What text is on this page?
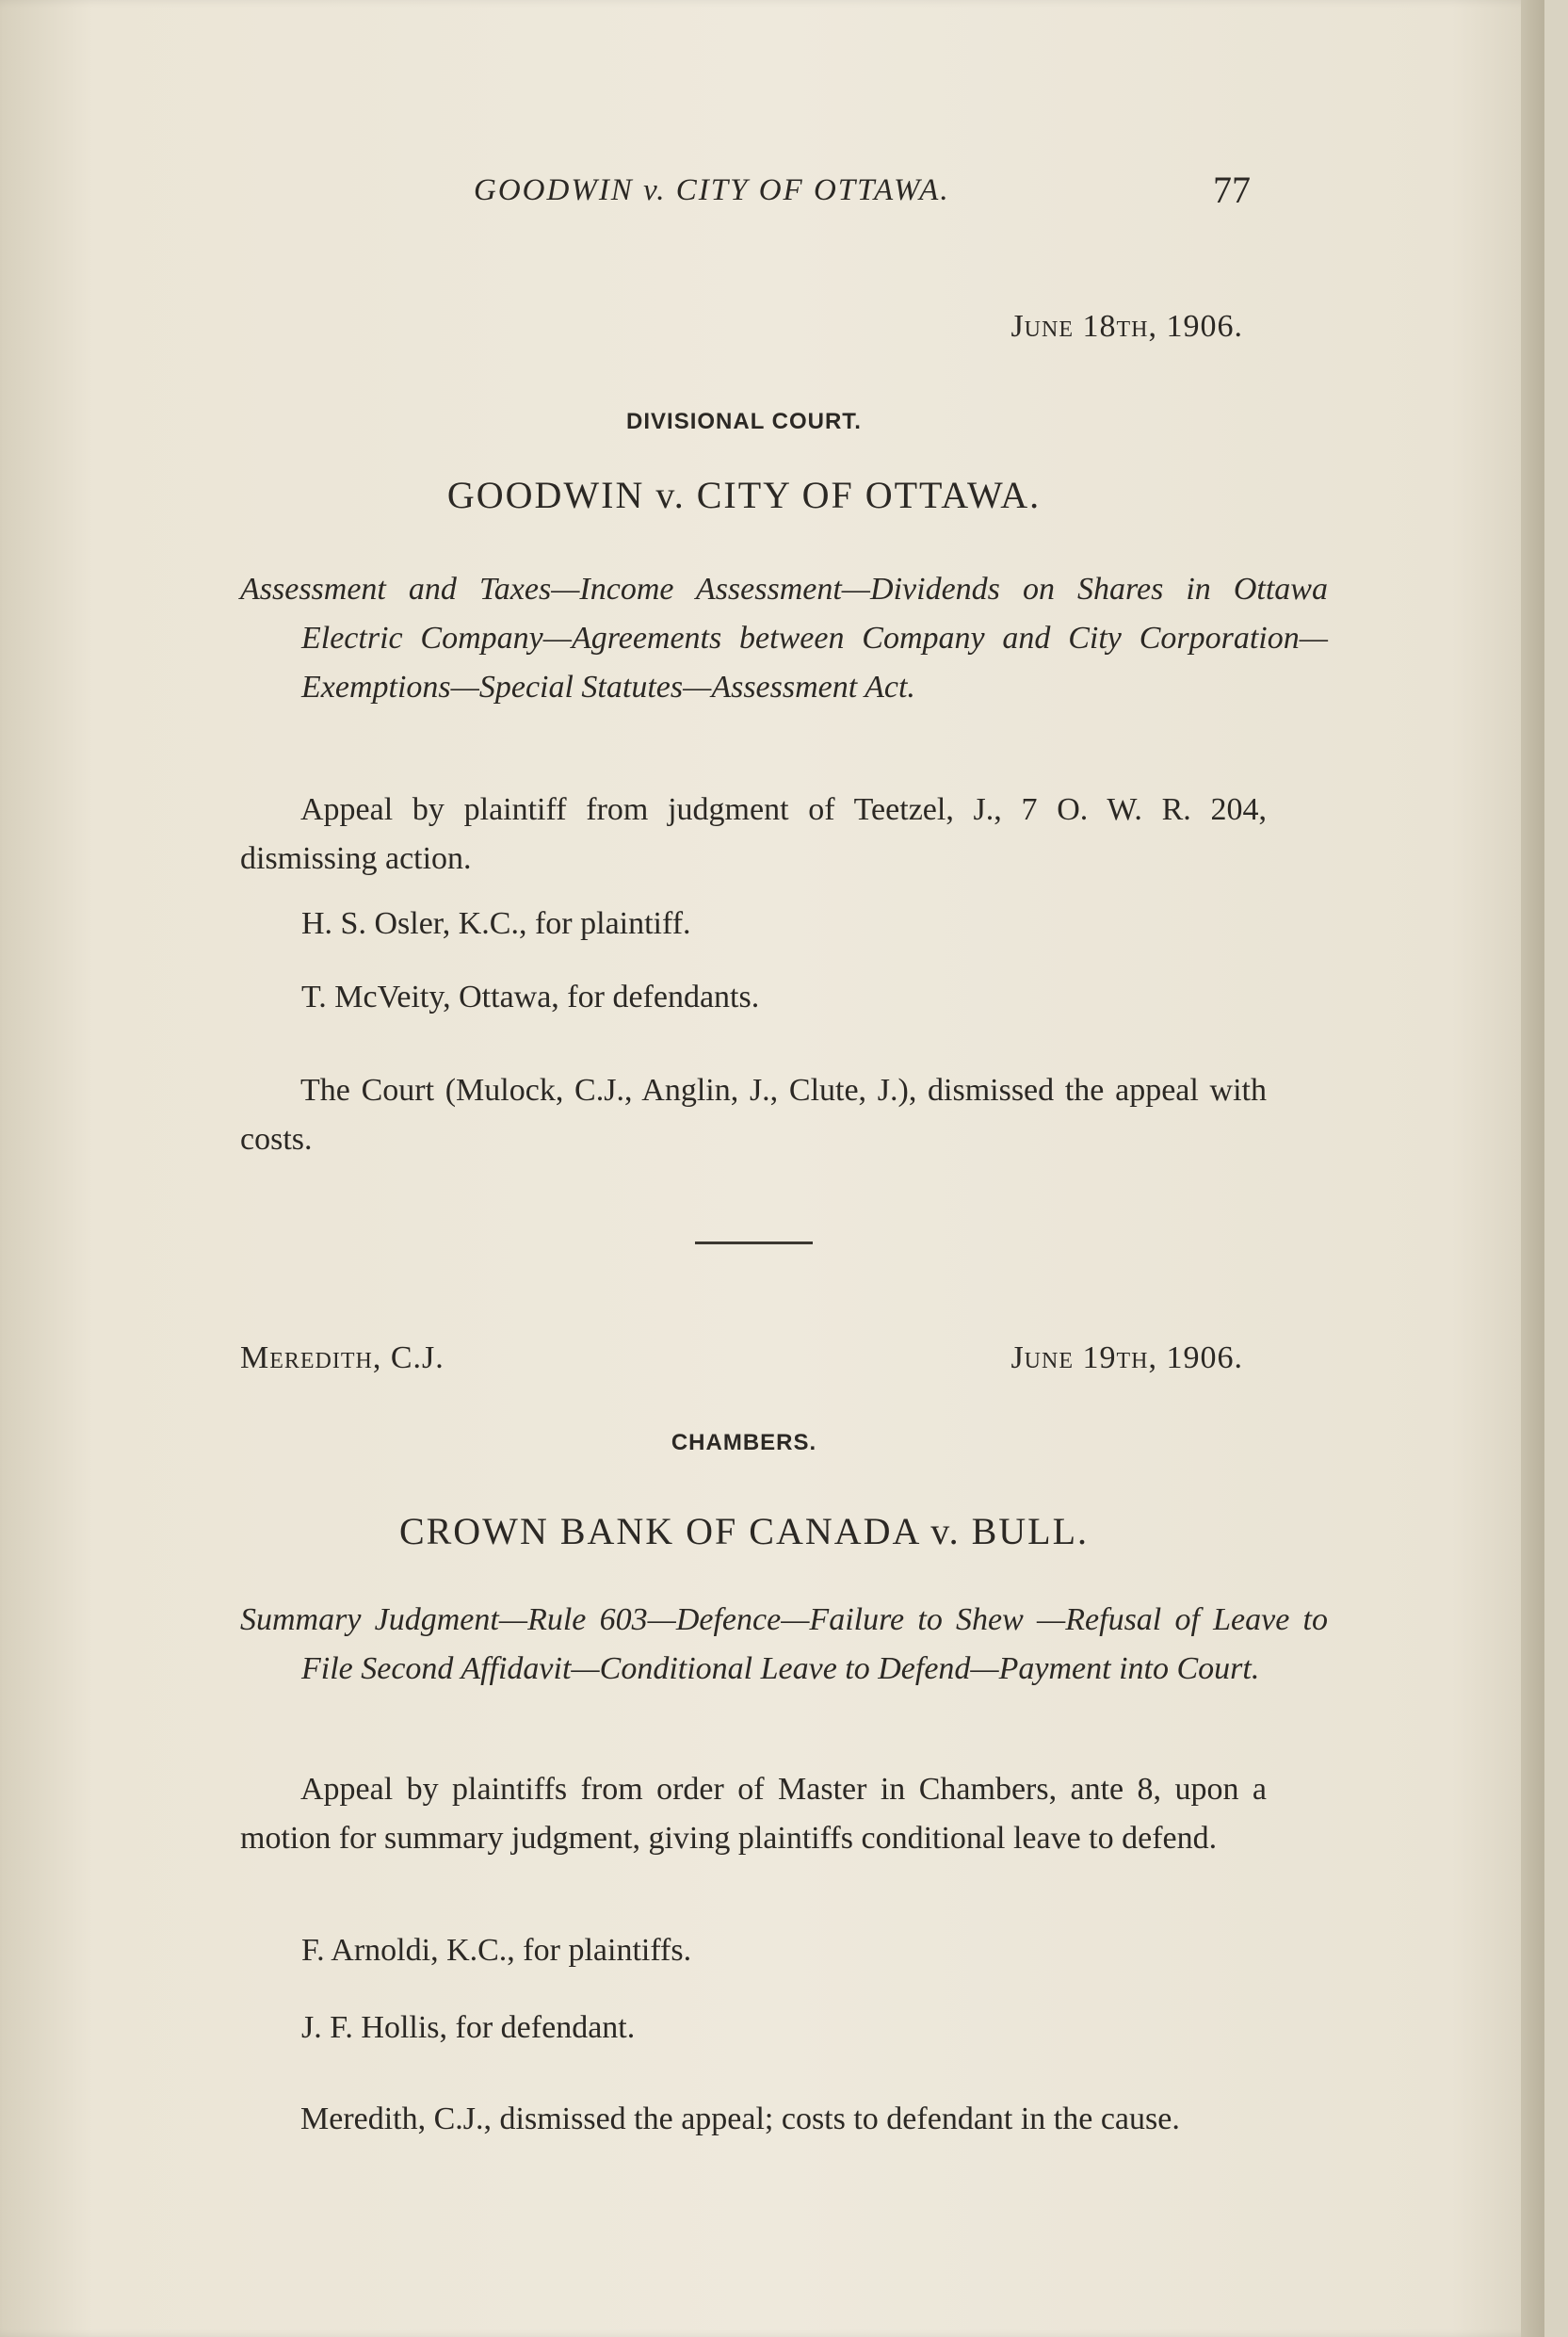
GOODWIN v. CITY OF OTTAWA.	77
June 18th, 1906.
DIVISIONAL COURT.
GOODWIN v. CITY OF OTTAWA.
Assessment and Taxes—Income Assessment—Dividends on Shares in Ottawa Electric Company—Agreements between Company and City Corporation—Exemptions—Special Statutes—Assessment Act.
Appeal by plaintiff from judgment of Teetzel, J., 7 O. W. R. 204, dismissing action.
H. S. Osler, K.C., for plaintiff.
T. McVeity, Ottawa, for defendants.
The Court (Mulock, C.J., Anglin, J., Clute, J.), dismissed the appeal with costs.
Meredith, C.J.	June 19th, 1906.
CHAMBERS.
CROWN BANK OF CANADA v. BULL.
Summary Judgment—Rule 603—Defence—Failure to Shew —Refusal of Leave to File Second Affidavit—Conditional Leave to Defend—Payment into Court.
Appeal by plaintiffs from order of Master in Chambers, ante 8, upon a motion for summary judgment, giving plaintiffs conditional leave to defend.
F. Arnoldi, K.C., for plaintiffs.
J. F. Hollis, for defendant.
Meredith, C.J., dismissed the appeal; costs to defendant in the cause.
